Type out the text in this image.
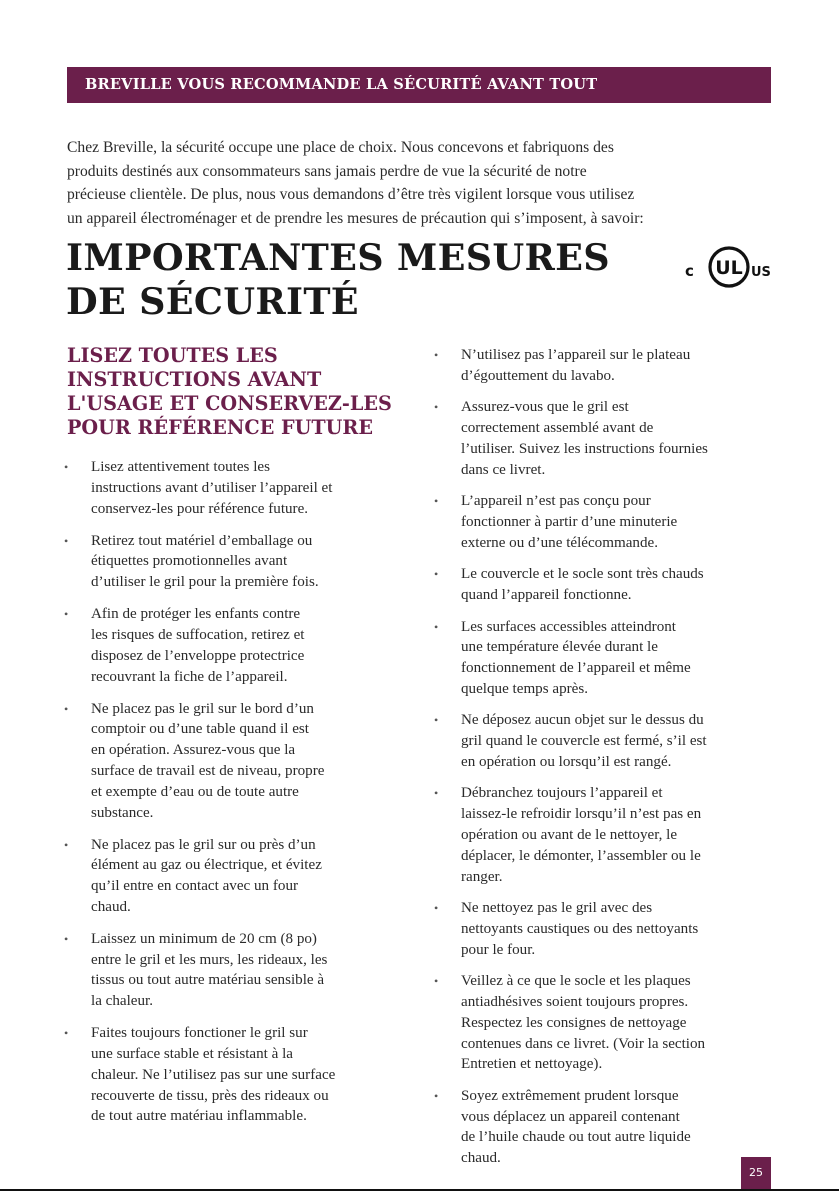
BREVILLE VOUS RECOMMANDE LA SÉCURITÉ AVANT TOUT
Chez Breville, la sécurité occupe une place de choix. Nous concevons et fabriquons des
produits destinés aux consommateurs sans jamais perdre de vue la sécurité de notre
précieuse clientèle. De plus, nous vous demandons d’être très vigilent lorsque vous utilisez
un appareil électroménager et de prendre les mesures de précaution qui s’imposent, à savoir:
IMPORTANTES MESURES
DE SÉCURITÉ
c UL US
LISEZ TOUTES LES
INSTRUCTIONS AVANT
L'USAGE ET CONSERVEZ-LES
POUR RÉFÉRENCE FUTURE
•	Lisez attentivement toutes les
instructions avant d’utiliser l’appareil et
conservez-les pour référence future.
•	Retirez tout matériel d’emballage ou
étiquettes promotionnelles avant
d’utiliser le gril pour la première fois.
•	Afin de protéger les enfants contre
les risques de suffocation, retirez et
disposez de l’enveloppe protectrice
recouvrant la fiche de l’appareil.
•	Ne placez pas le gril sur le bord d’un
comptoir ou d’une table quand il est
en opération. Assurez-vous que la
surface de travail est de niveau, propre
et exempte d’eau ou de toute autre
substance.
•	Ne placez pas le gril sur ou près d’un
élément au gaz ou électrique, et évitez
qu’il entre en contact avec un four
chaud.
•	Laissez un minimum de 20 cm (8 po)
entre le gril et les murs, les rideaux, les
tissus ou tout autre matériau sensible à
la chaleur.
•	Faites toujours fonctioner le gril sur
une surface stable et résistant à la
chaleur. Ne l’utilisez pas sur une surface
recouverte de tissu, près des rideaux ou
de tout autre matériau inflammable.
•	N’utilisez pas l’appareil sur le plateau
d’égouttement du lavabo.
•	Assurez-vous que le gril est
correctement assemblé avant de
l’utiliser. Suivez les instructions fournies
dans ce livret.
•	L’appareil n’est pas conçu pour
fonctionner à partir d’une minuterie
externe ou d’une télécommande.
•	Le couvercle et le socle sont très chauds
quand l’appareil fonctionne.
•	Les surfaces accessibles atteindront
une température élevée durant le
fonctionnement de l’appareil et même
quelque temps après.
•	Ne déposez aucun objet sur le dessus du
gril quand le couvercle est fermé, s’il est
en opération ou lorsqu’il est rangé.
•	Débranchez toujours l’appareil et
laissez-le refroidir lorsqu’il n’est pas en
opération ou avant de le nettoyer, le
déplacer, le démonter, l’assembler ou le
ranger.
•	Ne nettoyez pas le gril avec des
nettoyants caustiques ou des nettoyants
pour le four.
•	Veillez à ce que le socle et les plaques
antiadhésives soient toujours propres.
Respectez les consignes de nettoyage
contenues dans ce livret. (Voir la section
Entretien et nettoyage).
•	Soyez extrêmement prudent lorsque
vous déplacez un appareil contenant
de l’huile chaude ou tout autre liquide
chaud.
25
